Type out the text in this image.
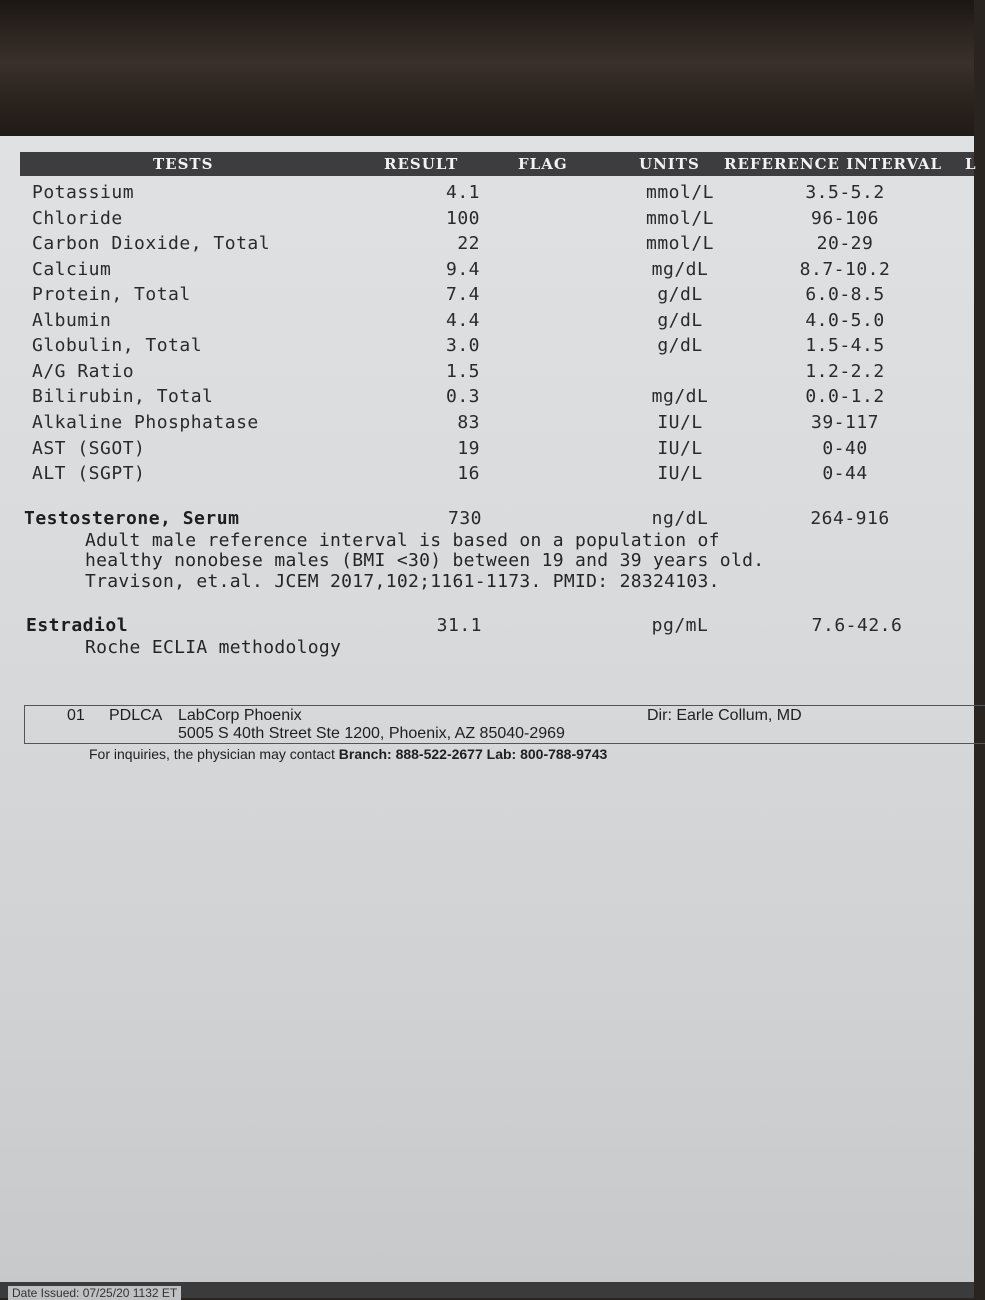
TESTS	RESULT	FLAG	UNITS REFERENCE INTERVAL L
Potassium	4.1	mmol/L	3.5-5.2
Chloride	100	mmol/L	96-106
Carbon Dioxide, Total	22	mmol/L	20-29
Calcium	9.4	mg/dL	8.7-10.2
Protein, Total	7.4	g/dL	6.0-8.5
Albumin	4.4	g/dL	4.0-5.0
Globulin, Total	3.0	g/dL	1.5-4.5
A/G Ratio	1.5	1.2-2.2
Bilirubin, Total	0.3	mg/dL	0.0-1.2
Alkaline Phosphatase	83	IU/L	39-117
AST (SGOT)	19	IU/L	0-40
ALT (SGPT)	16	IU/L	0-44
Testosterone, Serum	730	ng/dL	264-916
Adult male reference interval is based on a population of
healthy nonobese males (BMI <30) between 19 and 39 years old.
Travison, et.al. JCEM 2017,102;1161-1173. PMID: 28324103.
Estradiol	31.1	pg/mL	7.6-42.6
Roche ECLIA methodology
01 PDLCA LabCorp Phoenix
5005 S 40th Street Ste 1200, Phoenix, AZ 85040-2969
Dir: Earle Collum, MD
For inquiries, the physician may contact Branch: 888-522-2677 Lab: 800-788-9743
Date Issued: 07/25/20 1132 ET
